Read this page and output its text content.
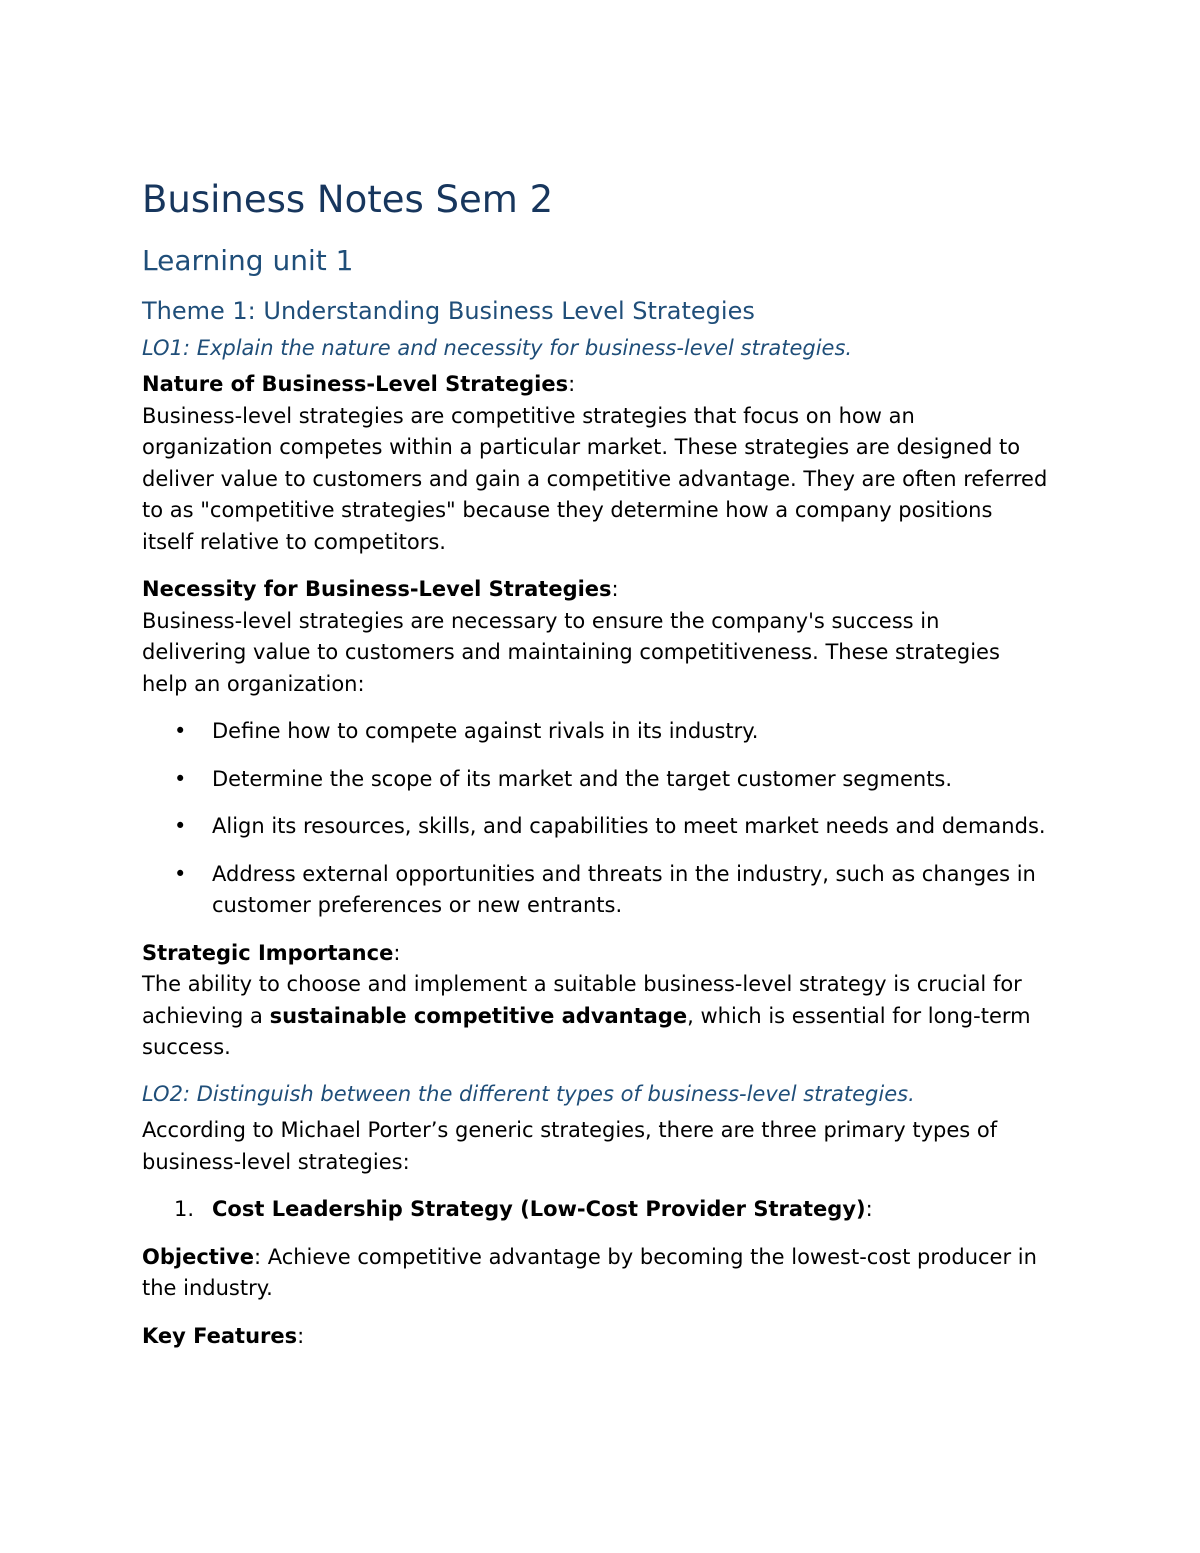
Business Notes Sem 2
Learning unit 1
Theme 1: Understanding Business Level Strategies

LO1: Explain the nature and necessity for business-level strategies.

Nature of Business-Level Strategies:
Business-level strategies are competitive strategies that focus on how an organization competes within a particular market. These strategies are designed to deliver value to customers and gain a competitive advantage. They are often referred to as "competitive strategies" because they determine how a company positions itself relative to competitors.
Necessity for Business-Level Strategies:
Business-level strategies are necessary to ensure the company's success in delivering value to customers and maintaining competitiveness. These strategies help an organization:
• Define how to compete against rivals in its industry.
• Determine the scope of its market and the target customer segments.
• Align its resources, skills, and capabilities to meet market needs and demands.
• Address external opportunities and threats in the industry, such as changes in customer preferences or new entrants.
Strategic Importance:
The ability to choose and implement a suitable business-level strategy is crucial for achieving a sustainable competitive advantage, which is essential for long-term success.

LO2: Distinguish between the different types of business-level strategies.

According to Michael Porter’s generic strategies, there are three primary types of business-level strategies:
1. Cost Leadership Strategy (Low-Cost Provider Strategy):
Objective: Achieve competitive advantage by becoming the lowest-cost producer in the industry.
Key Features:
